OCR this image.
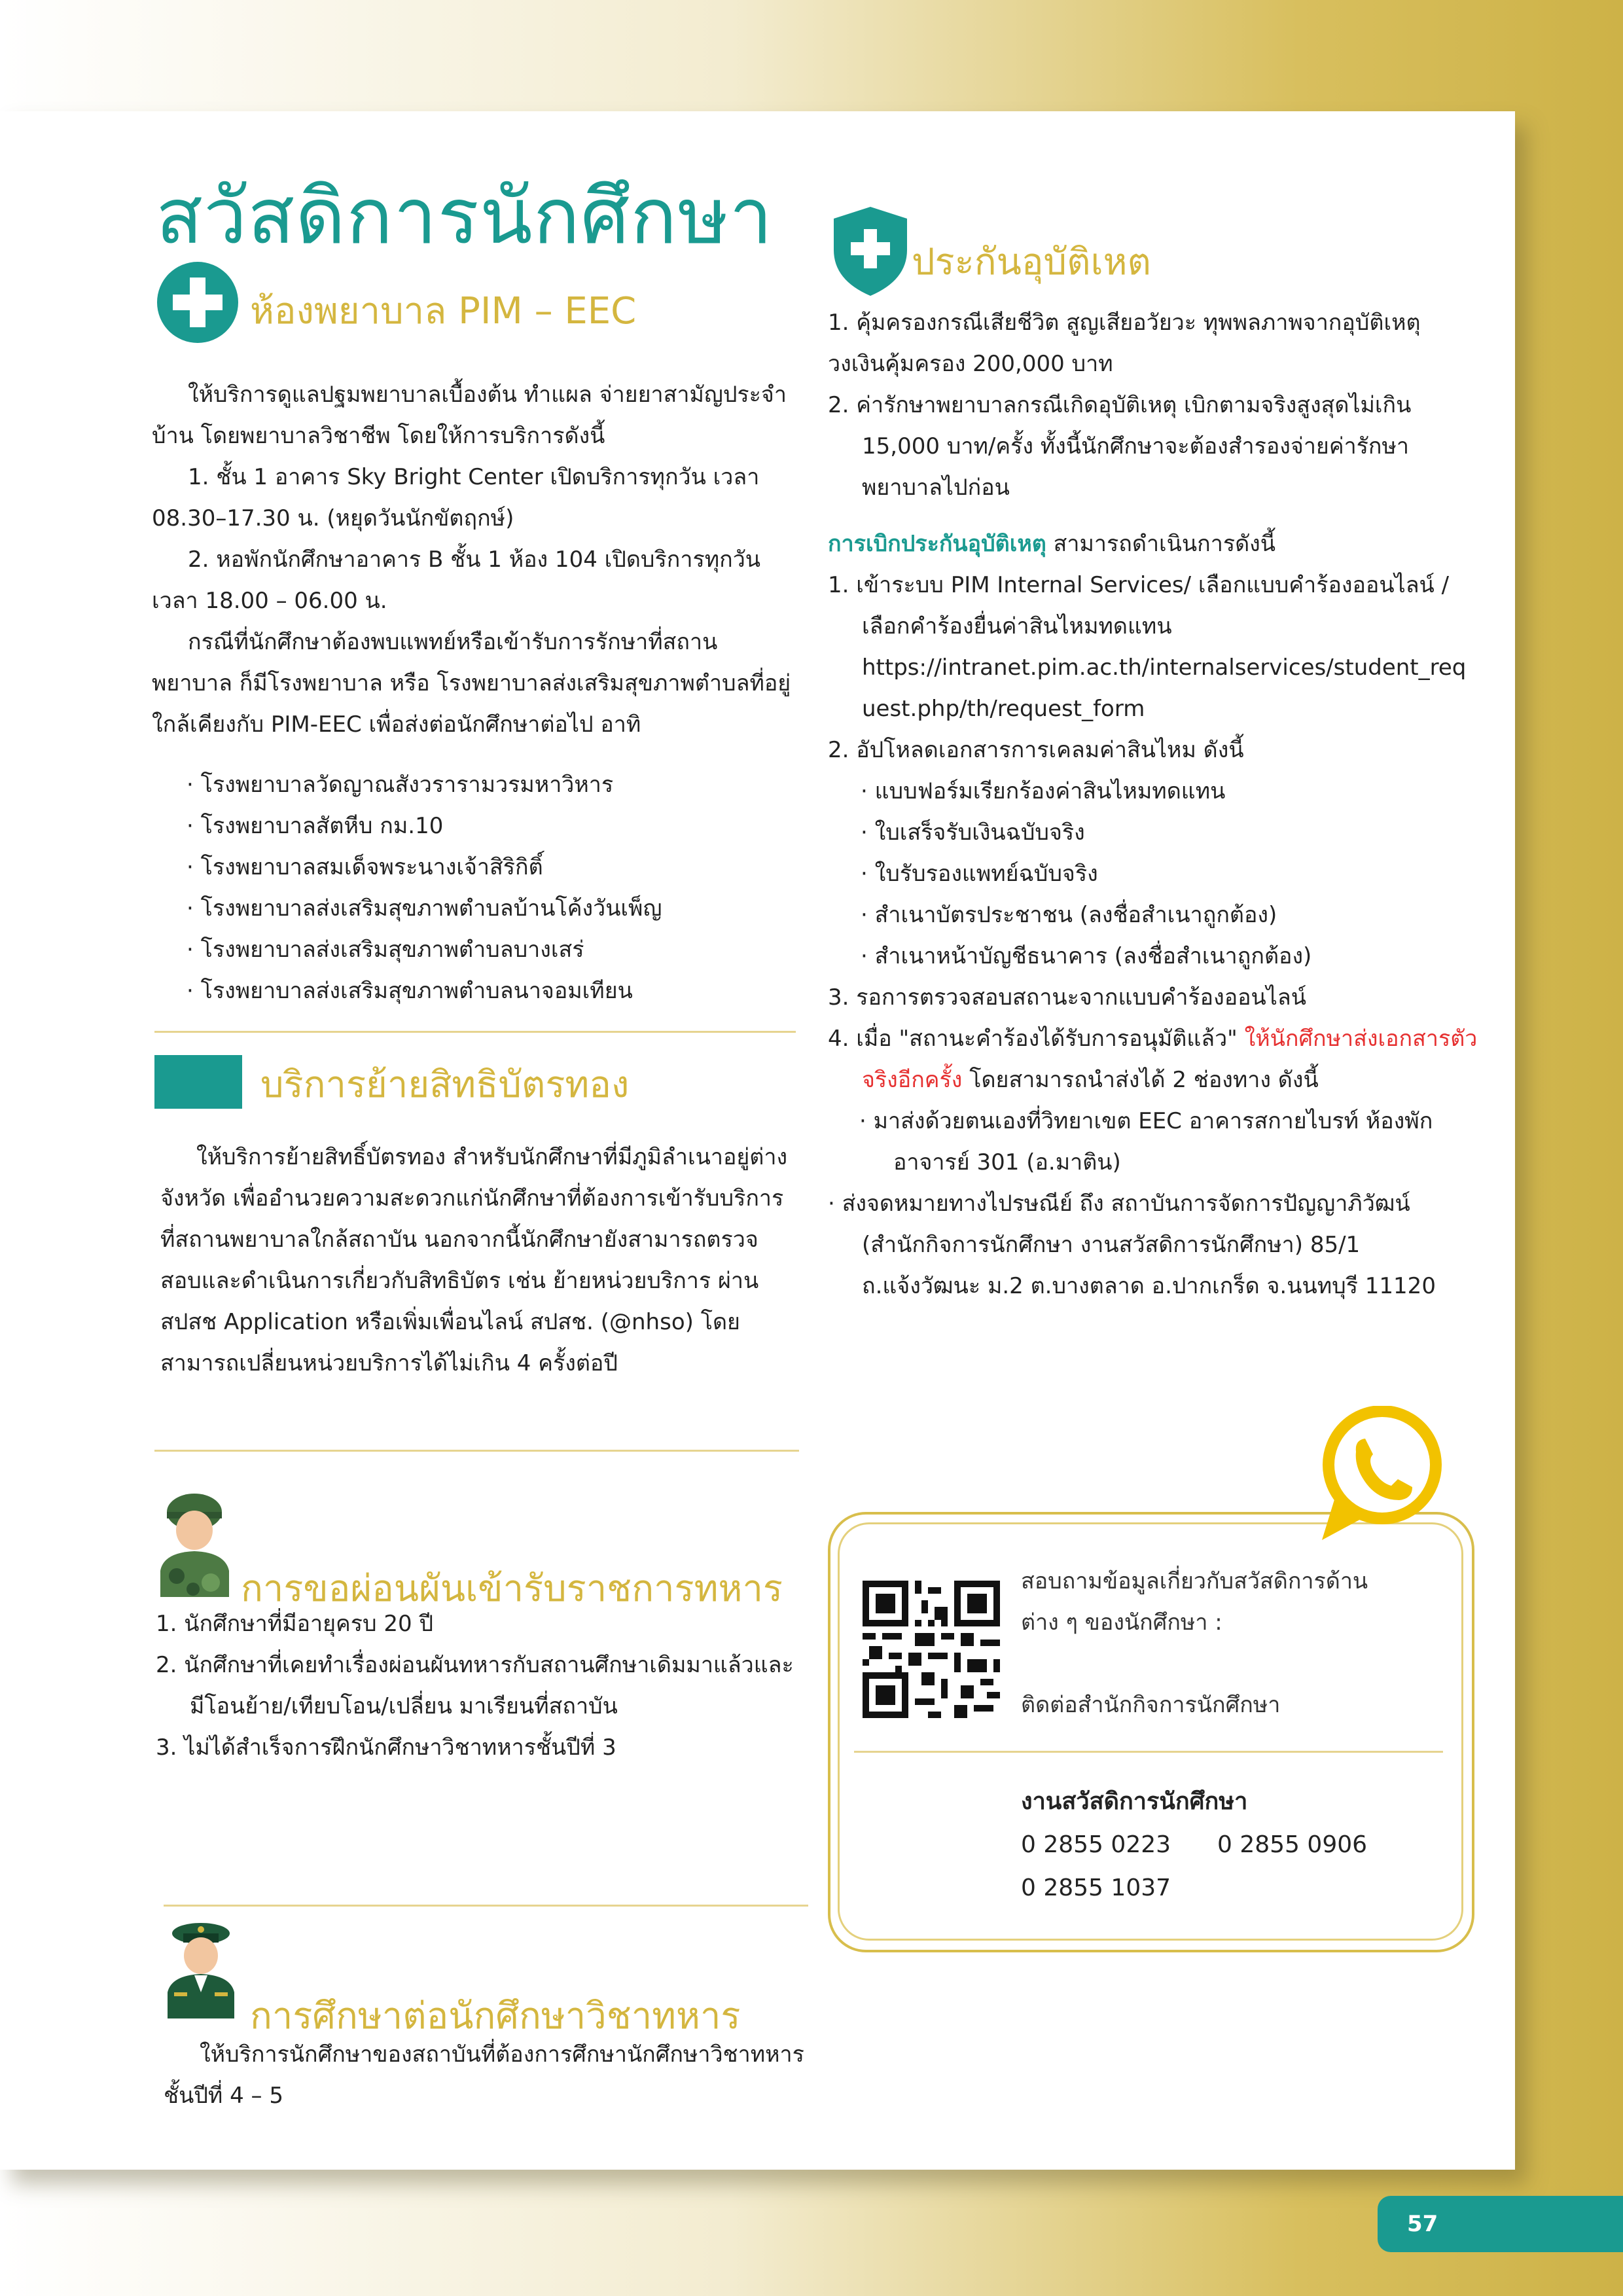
สวัสดิการนักศึกษา
ห้องพยาบาล PIM – EEC

ให้บริการดูแลปฐมพยาบาลเบื้องต้น ทำแผล จ่ายยาสามัญประจำบ้าน โดยพยาบาลวิชาชีพ โดยให้การบริการดังนี้

1. ชั้น 1 อาคาร Sky Bright Center เปิดบริการทุกวัน เวลา 08.30–17.30 น. (หยุดวันนักขัตฤกษ์)

2. หอพักนักศึกษาอาคาร B ชั้น 1 ห้อง 104 เปิดบริการทุกวัน เวลา 18.00 – 06.00 น.

กรณีที่นักศึกษาต้องพบแพทย์หรือเข้ารับการรักษาที่สถานพยาบาล ก็มีโรงพยาบาล หรือ โรงพยาบาลส่งเสริมสุขภาพตำบลที่อยู่ใกล้เคียงกับ PIM-EEC เพื่อส่งต่อนักศึกษาต่อไป อาทิ

· โรงพยาบาลวัดญาณสังวรารามวรมหาวิหาร

· โรงพยาบาลสัตหีบ กม.10

· โรงพยาบาลสมเด็จพระนางเจ้าสิริกิติ์

· โรงพยาบาลส่งเสริมสุขภาพตำบลบ้านโค้งวันเพ็ญ

· โรงพยาบาลส่งเสริมสุขภาพตำบลบางเสร่

· โรงพยาบาลส่งเสริมสุขภาพตำบลนาจอมเทียน

บริการย้ายสิทธิบัตรทอง

ให้บริการย้ายสิทธิ์บัตรทอง สำหรับนักศึกษาที่มีภูมิลำเนาอยู่ต่างจังหวัด เพื่ออำนวยความสะดวกแก่นักศึกษาที่ต้องการเข้ารับบริการที่สถานพยาบาลใกล้สถาบัน นอกจากนี้นักศึกษายังสามารถตรวจสอบและดำเนินการเกี่ยวกับสิทธิบัตร เช่น ย้ายหน่วยบริการ ผ่าน สปสช Application หรือเพิ่มเพื่อนไลน์ สปสช. (@nhso) โดยสามารถเปลี่ยนหน่วยบริการได้ไม่เกิน 4 ครั้งต่อปี

การขอผ่อนผันเข้ารับราชการทหาร

1. นักศึกษาที่มีอายุครบ 20 ปี

2. นักศึกษาที่เคยทำเรื่องผ่อนผันทหารกับสถานศึกษาเดิมมาแล้วและมีโอนย้าย/เทียบโอน/เปลี่ยน มาเรียนที่สถาบัน

3. ไม่ได้สำเร็จการฝึกนักศึกษาวิชาทหารชั้นปีที่ 3

การศึกษาต่อนักศึกษาวิชาทหาร

ให้บริการนักศึกษาของสถาบันที่ต้องการศึกษานักศึกษาวิชาทหารชั้นปีที่ 4 – 5

ประกันอุบัติเหต

1. คุ้มครองกรณีเสียชีวิต สูญเสียอวัยวะ ทุพพลภาพจากอุบัติเหตุ วงเงินคุ้มครอง 200,000 บาท

2. ค่ารักษาพยาบาลกรณีเกิดอุบัติเหตุ เบิกตามจริงสูงสุดไม่เกิน 15,000 บาท/ครั้ง ทั้งนี้นักศึกษาจะต้องสำรองจ่ายค่ารักษาพยาบาลไปก่อน

การเบิกประกันอุบัติเหตุ สามารถดำเนินการดังนี้

1. เข้าระบบ PIM Internal Services/ เลือกแบบคำร้องออนไลน์ / เลือกคำร้องยื่นค่าสินไหมทดแทน

https://intranet.pim.ac.th/internalservices/student_request.php/th/request_form

2. อัปโหลดเอกสารการเคลมค่าสินไหม ดังนี้

· แบบฟอร์มเรียกร้องค่าสินไหมทดแทน

· ใบเสร็จรับเงินฉบับจริง

· ใบรับรองแพทย์ฉบับจริง

· สำเนาบัตรประชาชน (ลงชื่อสำเนาถูกต้อง)

· สำเนาหน้าบัญชีธนาคาร (ลงชื่อสำเนาถูกต้อง)

3. รอการตรวจสอบสถานะจากแบบคำร้องออนไลน์

4. เมื่อ "สถานะคำร้องได้รับการอนุมัติแล้ว" ให้นักศึกษาส่งเอกสารตัวจริงอีกครั้ง โดยสามารถนำส่งได้ 2 ช่องทาง ดังนี้

· มาส่งด้วยตนเองที่วิทยาเขต EEC อาคารสกายไบรท์ ห้องพักอาจารย์ 301 (อ.มาติน)

· ส่งจดหมายทางไปรษณีย์ ถึง สถาบันการจัดการปัญญาภิวัฒน์ (สำนักกิจการนักศึกษา งานสวัสดิการนักศึกษา) 85/1 ถ.แจ้งวัฒนะ ม.2 ต.บางตลาด อ.ปากเกร็ด จ.นนทบุรี 11120

สอบถามข้อมูลเกี่ยวกับสวัสดิการด้าน

ต่าง ๆ ของนักศึกษา :

ติดต่อสำนักกิจการนักศึกษา

งานสวัสดิการนักศึกษา
0 2855 0223 0 2855 0906
0 2855 1037
57
